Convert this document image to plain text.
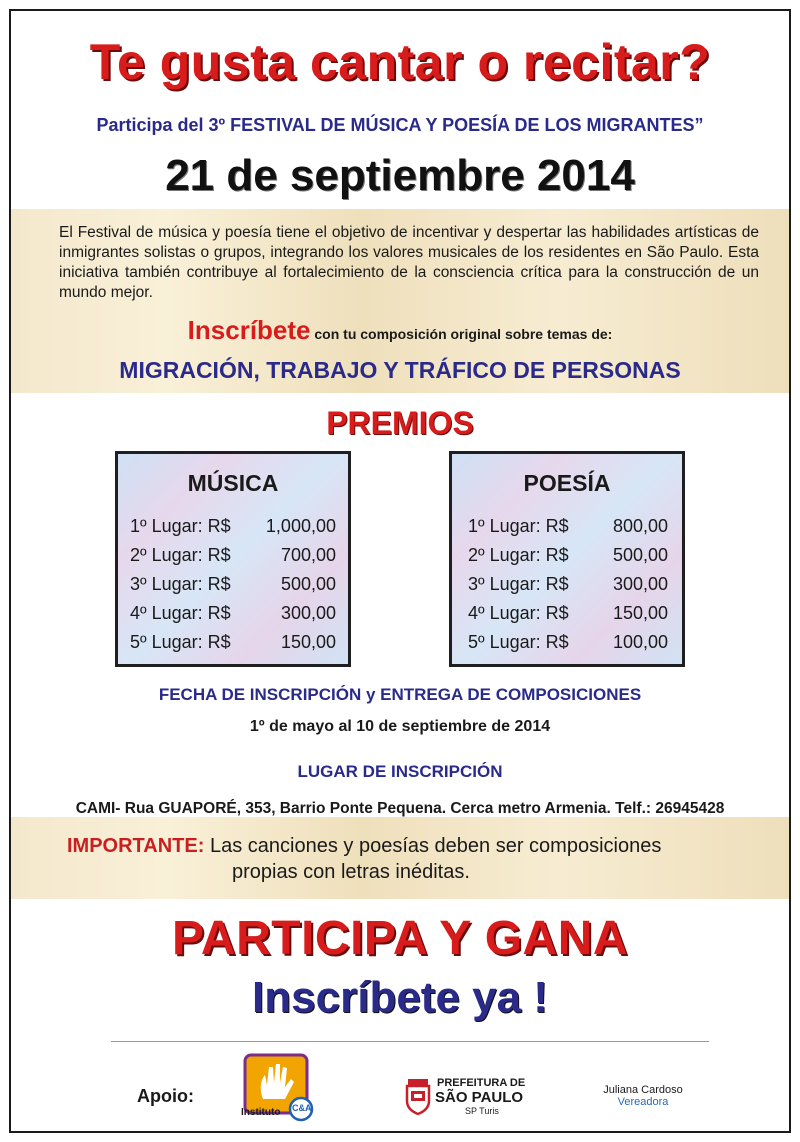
Te gusta cantar o recitar?
Participa del 3º FESTIVAL DE MÚSICA Y POESÍA DE LOS MIGRANTES”
21 de septiembre 2014
El Festival de música y poesía tiene el objetivo de incentivar y despertar las habilidades artísticas de inmigrantes solistas o grupos, integrando los valores musicales de los residentes en São Paulo. Esta iniciativa también contribuye al fortalecimiento de la consciencia crítica para la construcción de un mundo mejor.
Inscríbete con tu composición original sobre temas de:
MIGRACIÓN, TRABAJO Y TRÁFICO DE PERSONAS
PREMIOS
MÚSICA
1º Lugar: R$ 1,000,00
2º Lugar: R$	700,00
3º Lugar: R$	500,00
4º Lugar: R$	300,00
5º Lugar: R$	150,00
POESÍA
1º Lugar: R$ 800,00
2º Lugar: R$ 500,00
3º Lugar: R$ 300,00
4º Lugar: R$ 150,00
5º Lugar: R$ 100,00
FECHA DE INSCRIPCIÓN y ENTREGA DE COMPOSICIONES
1º de mayo al 10 de septiembre de 2014
LUGAR DE INSCRIPCIÓN
CAMI- Rua GUAPORÉ, 353, Barrio Ponte Pequena. Cerca metro Armenia. Telf.: 26945428
IMPORTANTE: Las canciones y poesías deben ser composiciones
propias con letras inéditas.
PARTICIPA Y GANA
Inscríbete ya !
Apoio:
Instituto C&A
PREFEITURA DE
SÃO PAULO
SP Turis
Juliana Cardoso
Vereadora
